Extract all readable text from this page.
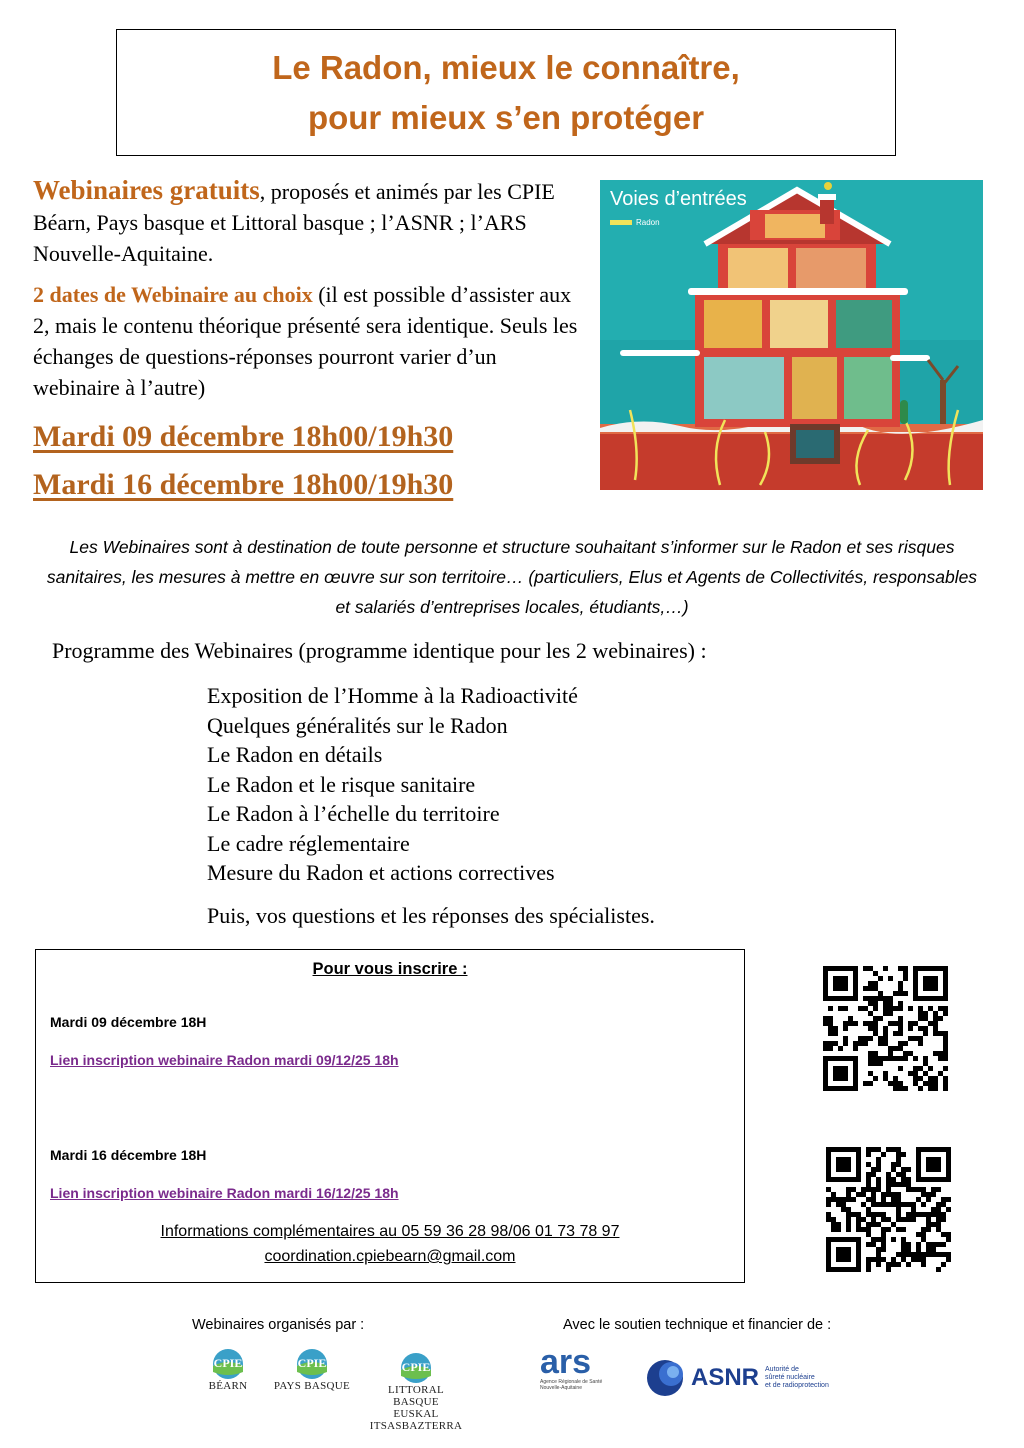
Le Radon, mieux le connaître,
pour mieux s’en protéger

Webinaires gratuits, proposés et animés par les CPIE Béarn, Pays basque et Littoral basque ; l’ASNR ; l’ARS Nouvelle-Aquitaine.

2 dates de Webinaire au choix (il est possible d’assister aux 2, mais le contenu théorique présenté sera identique. Seuls les échanges de questions-réponses pourront varier d’un webinaire à l’autre)

Mardi 09 décembre 18h00/19h30
Mardi 16 décembre 18h00/19h30
Voies d’entrées
Radon
Les Webinaires sont à destination de toute personne et structure souhaitant s’informer sur le Radon et ses risques sanitaires, les mesures à mettre en œuvre sur son territoire… (particuliers, Elus et Agents de Collectivités, responsables et salariés d’entreprises locales, étudiants,…)
Programme des Webinaires (programme identique pour les 2 webinaires) :
Exposition de l’Homme à la Radioactivité
Quelques généralités sur le Radon
Le Radon en détails
Le Radon et le risque sanitaire
Le Radon à l’échelle du territoire
Le cadre réglementaire
Mesure du Radon et actions correctives
Puis, vos questions et les réponses des spécialistes.
Pour vous inscrire :
Mardi 09 décembre 18H
Lien inscription webinaire Radon mardi 09/12/25 18h
Mardi 16 décembre 18H
Lien inscription webinaire Radon mardi 16/12/25 18h
Informations complémentaires au 05 59 36 28 98/06 01 73 78 97
coordination.cpiebearn@gmail.com
Webinaires organisés par :	Avec le soutien technique et financier de :
CPIE
BÉARN
CPIE
PAYS BASQUE
CPIE
LITTORAL BASQUE
EUSKAL ITSASBAZTERRA
ars
Agence Régionale de Santé
Nouvelle-Aquitaine	ASNR Autorité de
sûreté nucléaire
et de radioprotection
